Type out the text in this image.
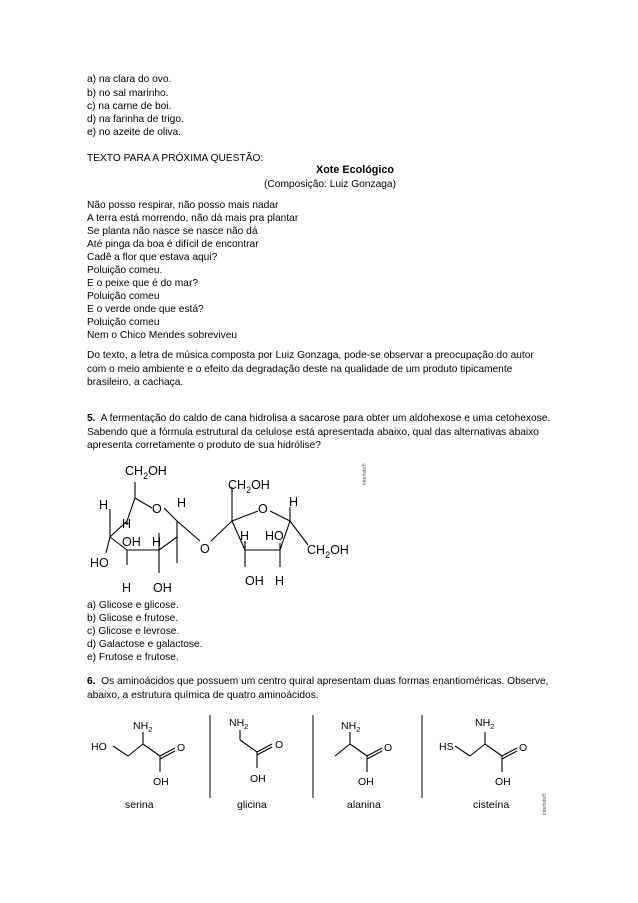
a) na clara do ovo.
b) no sal marinho.
c) na carne de boi.
d) na farinha de trigo.
e) no azeite de oliva.
TEXTO PARA A PRÓXIMA QUESTÃO:
Xote Ecológico
(Composição: Luiz Gonzaga)
Não posso respirar, não posso mais nadar
A terra está morrendo, não dá mais pra plantar
Se planta não nasce se nasce não dá
Até pinga da boa é difícil de encontrar
Cadê a flor que estava aqui?
Poluição comeu.
E o peixe que é do mar?
Poluição comeu
E o verde onde que está?
Poluição comeu
Nem o Chico Mendes sobreviveu
Do texto, a letra de música composta por Luiz Gonzaga, pode-se observar a preocupação do autor com o meio ambiente e o efeito da degradação deste na qualidade de um produto tipicamente brasileiro, a cachaça.
5. A fermentação do caldo de cana hidrolisa a sacarose para obter um aldohexose e uma cetohexose. Sabendo que a fórmula estrutural da celulose está apresentada abaixo, qual das alternativas abaixo apresenta corretamente o produto de sua hidrólise?
$CH_2OH$
$CH_2OH$
$CH_2OH$
H	O H
H
OH H
HO
H OH
O
O H
H HO
OH H
Interbits®
a) Glicose e glicose.
b) Glicose e frutose.
c) Glicose e levrose.
d) Galactose e galactose.
e) Frutose e frutose.
6. Os aminoácidos que possuem um centro quiral apresentam duas formas enantioméricas. Observe, abaixo, a estrutura química de quatro aminoácidos.
$NH_2$
HO	O
OH
serina
$NH_2$
O
OH
glicina
$NH_2$
O
OH
alanina
$NH_2$
HS	O
OH
cisteína	Interbits®
